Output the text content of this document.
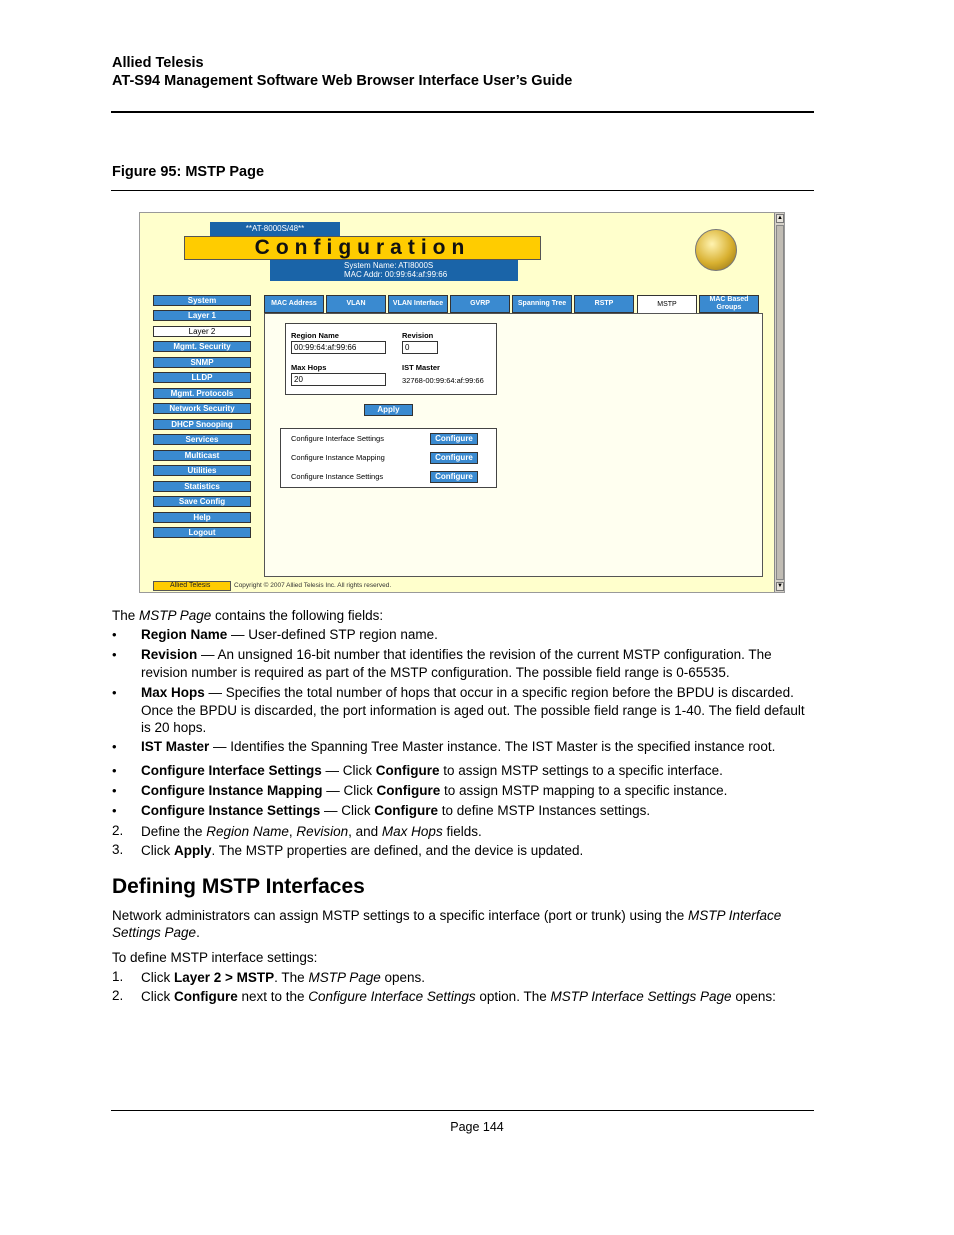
Allied Telesis
AT-S94 Management Software Web Browser Interface User’s Guide
Figure 95: MSTP Page
▲
▼
**AT-8000S/48**
Configuration
System Name: ATI8000S
MAC Addr: 00:99:64:af:99:66
System
Layer 1
Layer 2
Mgmt. Security
SNMP
LLDP
Mgmt. Protocols
Network Security
DHCP Snooping
Services
Multicast
Utilities
Statistics
Save Config
Help
Logout
MAC Address	VLAN	VLAN Interface	GVRP	Spanning Tree	RSTP	MSTP
MAC Based Groups
Region Name
00:99:64:af:99:66
Revision
0
Max Hops
20
IST Master
32768-00:99:64:af:99:66
Apply
Configure Interface Settings	Configure
Configure Instance Mapping	Configure
Configure Instance Settings	Configure
Allied Telesis	Copyright © 2007 Allied Telesis Inc. All rights reserved.
The MSTP Page contains the following fields:
• Region Name — User-defined STP region name.
• Revision — An unsigned 16-bit number that identifies the revision of the current MSTP configuration. The revision number is required as part of the MSTP configuration. The possible field range is 0-65535.
• Max Hops — Specifies the total number of hops that occur in a specific region before the BPDU is discarded. Once the BPDU is discarded, the port information is aged out. The possible field range is 1-40. The field default is 20 hops.
• IST Master — Identifies the Spanning Tree Master instance. The IST Master is the specified instance root.
• Configure Interface Settings — Click Configure to assign MSTP settings to a specific interface.
• Configure Instance Mapping — Click Configure to assign MSTP mapping to a specific instance.
• Configure Instance Settings — Click Configure to define MSTP Instances settings.
2. Define the Region Name, Revision, and Max Hops fields.
3. Click Apply. The MSTP properties are defined, and the device is updated.
Defining MSTP Interfaces
Network administrators can assign MSTP settings to a specific interface (port or trunk) using the MSTP Interface Settings Page.
To define MSTP interface settings:
1. Click Layer 2 > MSTP. The MSTP Page opens.
2. Click Configure next to the Configure Interface Settings option. The MSTP Interface Settings Page opens:
Page 144
